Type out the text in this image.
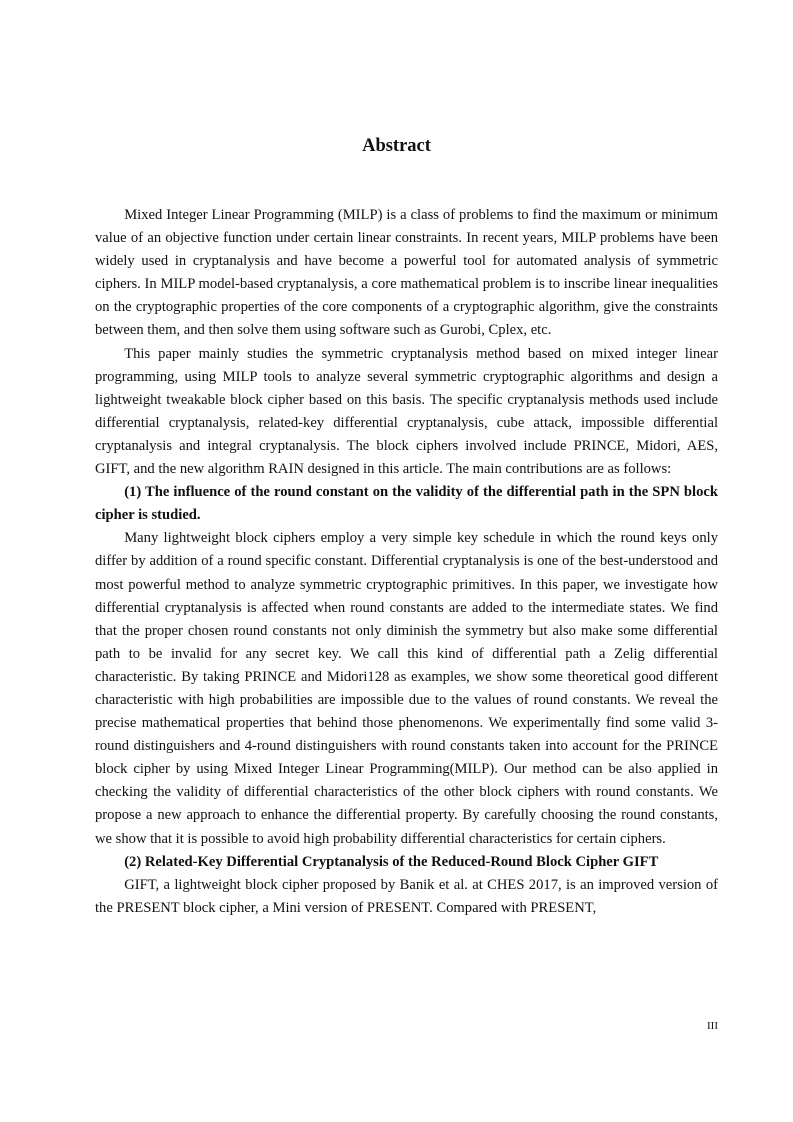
Abstract

Mixed Integer Linear Programming (MILP) is a class of problems to find the maximum or minimum value of an objective function under certain linear constraints. In recent years, MILP problems have been widely used in cryptanalysis and have become a powerful tool for automated analysis of symmetric ciphers. In MILP model-based cryptanalysis, a core mathematical problem is to inscribe linear inequalities on the cryptographic properties of the core components of a cryptographic algorithm, give the constraints between them, and then solve them using software such as Gurobi, Cplex, etc.

This paper mainly studies the symmetric cryptanalysis method based on mixed integer linear programming, using MILP tools to analyze several symmetric cryptographic algorithms and design a lightweight tweakable block cipher based on this basis. The specific cryptanalysis methods used include differential cryptanalysis, related-key differential cryptanalysis, cube attack, impossible differential cryptanalysis and integral cryptanalysis. The block ciphers involved include PRINCE, Midori, AES, GIFT, and the new algorithm RAIN designed in this article. The main contributions are as follows:

(1) The influence of the round constant on the validity of the differential path in the SPN block cipher is studied.

Many lightweight block ciphers employ a very simple key schedule in which the round keys only differ by addition of a round specific constant. Differential cryptanalysis is one of the best-understood and most powerful method to analyze symmetric cryptographic primitives. In this paper, we investigate how differential cryptanalysis is affected when round constants are added to the intermediate states. We find that the proper chosen round constants not only diminish the symmetry but also make some differential path to be invalid for any secret key. We call this kind of differential path a Zelig differential characteristic. By taking PRINCE and Midori128 as examples, we show some theoretical good different characteristic with high probabilities are impossible due to the values of round constants. We reveal the precise mathematical properties that behind those phenomenons. We experimentally find some valid 3-round distinguishers and 4-round distinguishers with round constants taken into account for the PRINCE block cipher by using Mixed Integer Linear Programming(MILP). Our method can be also applied in checking the validity of differential characteristics of the other block ciphers with round constants. We propose a new approach to enhance the differential property. By carefully choosing the round constants, we show that it is possible to avoid high probability differential characteristics for certain ciphers.

(2) Related-Key Differential Cryptanalysis of the Reduced-Round Block Cipher GIFT

GIFT, a lightweight block cipher proposed by Banik et al. at CHES 2017, is an improved version of the PRESENT block cipher, a Mini version of PRESENT. Compared with PRESENT,

III
